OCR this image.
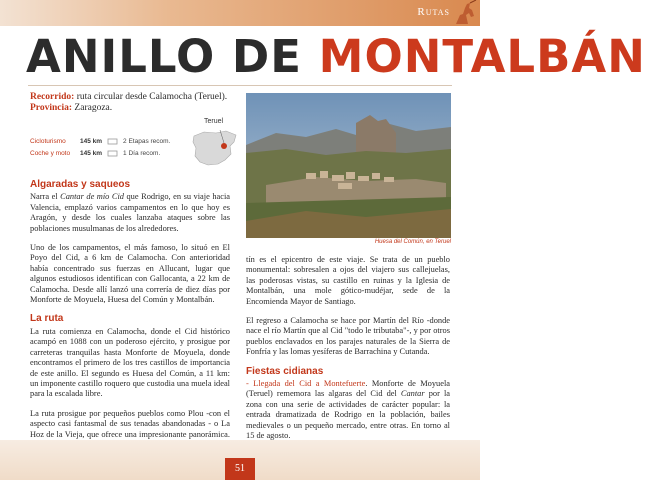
Rutas
ANILLO DE MONTALBÁN
Recorrido: ruta circular desde Calamocha (Teruel).
Provincia: Zaragoza.
Teruel
Cicloturismo	145 km	2 Etapas recom.
Coche y moto	145 km	1 Día recom.
Algaradas y saqueos

Narra el Cantar de mío Cid que Rodrigo, en su viaje hacia Valencia, emplazó varios campamentos en lo que hoy es Aragón, y desde los cuales lanzaba ataques sobre las poblaciones musulmanas de los alrededores.

Uno de los campamentos, el más famoso, lo situó en El Poyo del Cid, a 6 km de Calamocha. Con anterioridad había concentrado sus fuerzas en Allucant, lugar que algunos estudiosos identifican con Gallocanta, a 22 km de Calamocha. Desde allí lanzó una correría de diez días por Monforte de Moyuela, Huesa del Común y Montalbán.

La ruta

La ruta comienza en Calamocha, donde el Cid histórico acampó en 1088 con un poderoso ejército, y prosigue por carreteras tranquilas hasta Monforte de Moyuela, donde encontramos el primero de los tres castillos de importancia de este anillo. El segundo es Huesa del Común, a 11 km: un imponente castillo roquero que custodia una muela ideal para la escalada libre.

La ruta prosigue por pequeños pueblos como Plou -con el aspecto casi fantasmal de sus tenadas abandonadas - o La Hoz de la Vieja, que ofrece una impresionante panorámica.

Huesa del Común, en Teruel

tín es el epicentro de este viaje. Se trata de un pueblo monumental: sobresalen a ojos del viajero sus callejuelas, las poderosas vistas, su castillo en ruinas y la Iglesia de Montalbán, una mole gótico-mudéjar, sede de la Encomienda Mayor de Santiago.

El regreso a Calamocha se hace por Martín del Río -donde nace el río Martín que al Cid "todo le tributaba"-, y por otros pueblos enclavados en los parajes naturales de la Sierra de Fonfría y las lomas yesíferas de Barrachina y Cutanda.

Fiestas cidianas

- Llegada del Cid a Montefuerte. Monforte de Moyuela (Teruel) rememora las algaras del Cid del Cantar por la zona con una serie de actividades de carácter popular: la entrada dramatizada de Rodrigo en la población, bailes medievales o un pequeño mercado, entre otras. En torno al 15 de agosto.

51
